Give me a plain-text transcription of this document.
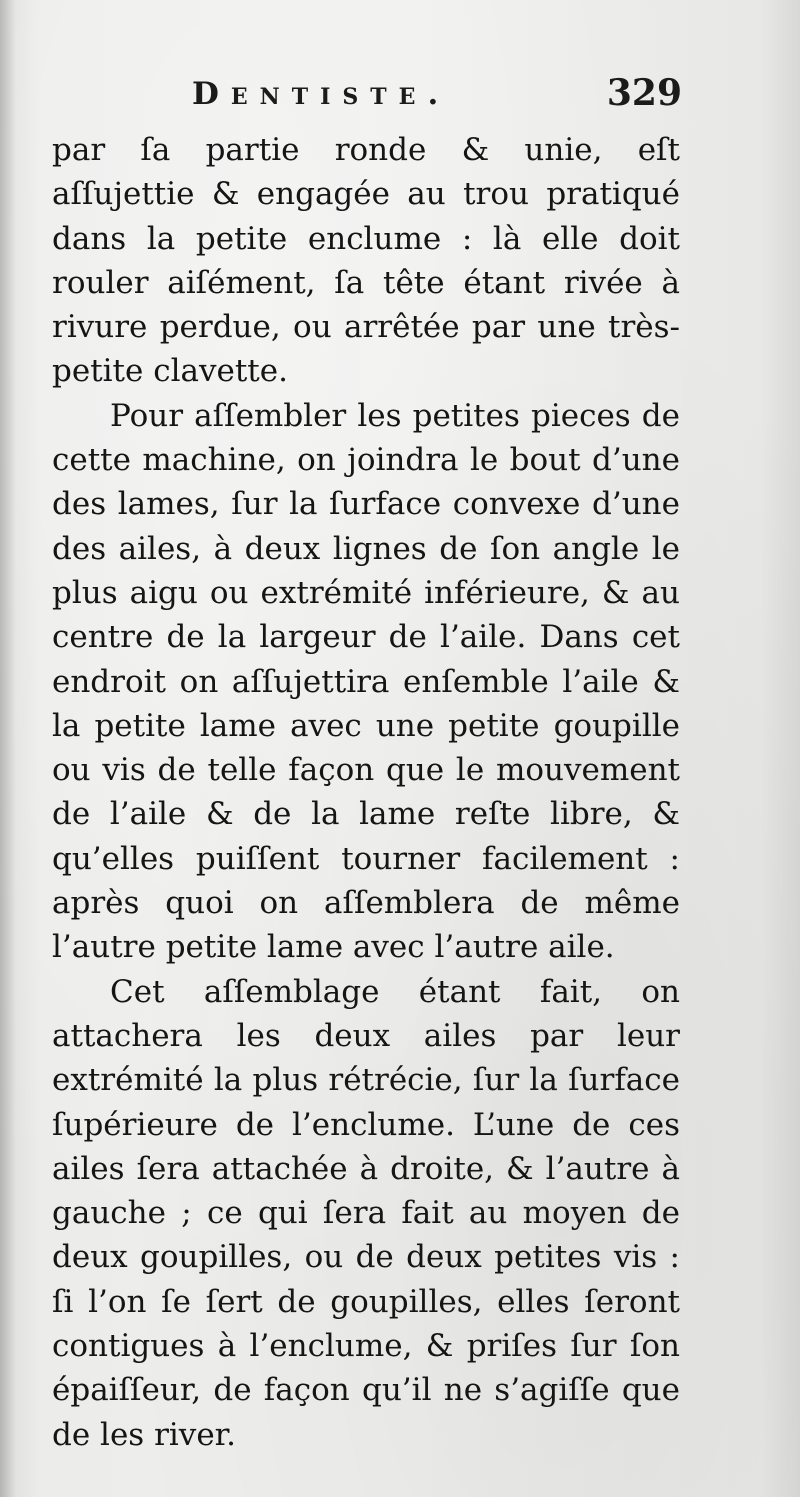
Dentiste.	329

par ſa partie ronde & unie, eſt aſſujettie & engagée au trou pratiqué dans la petite enclume : là elle doit rouler aiſément, ſa tête étant rivée à rivure perdue, ou arrêtée par une très-petite clavette.

Pour aſſembler les petites pieces de cette machine, on joindra le bout d’une des lames, ſur la ſurface convexe d’une des ailes, à deux lignes de ſon angle le plus aigu ou extrémité inférieure, & au centre de la largeur de l’aile. Dans cet endroit on aſſujettira enſemble l’aile & la petite lame avec une petite goupille ou vis de telle façon que le mouvement de l’aile & de la lame reſte libre, & qu’elles puiſſent tourner facilement : après quoi on aſſemblera de même l’autre petite lame avec l’autre aile.

Cet aſſemblage étant fait, on attachera les deux ailes par leur extrémité la plus rétrécie, ſur la ſurface ſupérieure de l’enclume. L’une de ces ailes ſera attachée à droite, & l’autre à gauche ; ce qui ſera fait au moyen de deux goupilles, ou de deux petites vis : ſi l’on ſe ſert de goupilles, elles ſeront contigues à l’enclume, & priſes ſur ſon épaiſſeur, de façon qu’il ne s’agiſſe que de les river.
